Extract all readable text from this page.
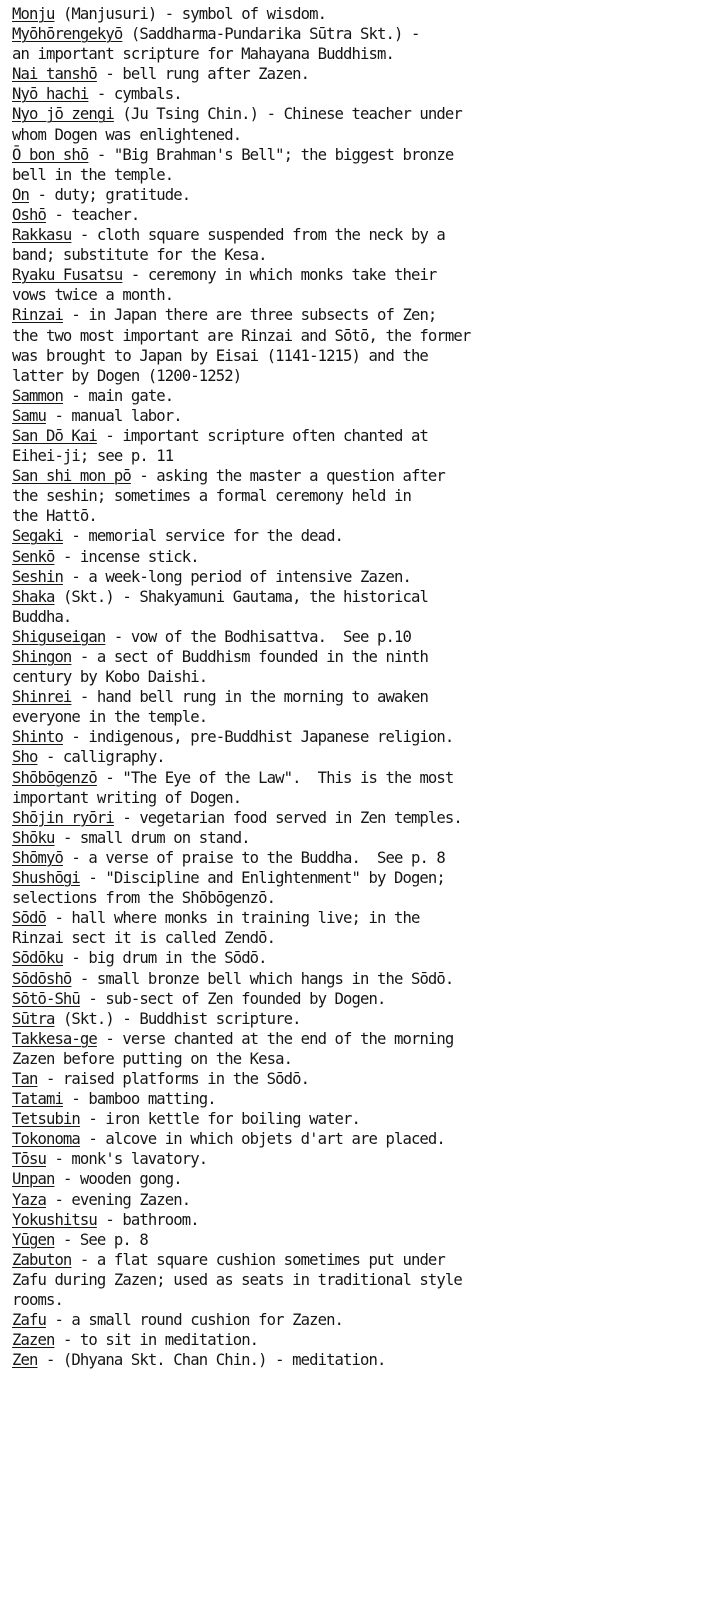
Monju (Manjusuri) - symbol of wisdom.
Myōhōrengekyō (Saddharma-Pundarika Sūtra Skt.) -
an important scripture for Mahayana Buddhism.
Nai tanshō - bell rung after Zazen.
Nyō hachi - cymbals.
Nyo jō zengi (Ju Tsing Chin.) - Chinese teacher under
whom Dogen was enlightened.
Ō bon shō - "Big Brahman's Bell"; the biggest bronze
bell in the temple.
On - duty; gratitude.
Oshō - teacher.
Rakkasu - cloth square suspended from the neck by a
band; substitute for the Kesa.
Ryaku Fusatsu - ceremony in which monks take their
vows twice a month.
Rinzai - in Japan there are three subsects of Zen;
the two most important are Rinzai and Sōtō, the former
was brought to Japan by Eisai (1141-1215) and the
latter by Dogen (1200-1252)
Sammon - main gate.
Samu - manual labor.
San Dō Kai - important scripture often chanted at
Eihei-ji; see p. 11
San shi mon pō - asking the master a question after
the seshin; sometimes a formal ceremony held in
the Hattō.
Segaki - memorial service for the dead.
Senkō - incense stick.
Seshin - a week-long period of intensive Zazen.
Shaka (Skt.) - Shakyamuni Gautama, the historical
Buddha.
Shiguseigan - vow of the Bodhisattva.  See p.10
Shingon - a sect of Buddhism founded in the ninth
century by Kobo Daishi.
Shinrei - hand bell rung in the morning to awaken
everyone in the temple.
Shinto - indigenous, pre-Buddhist Japanese religion.
Sho - calligraphy.
Shōbōgenzō - "The Eye of the Law".  This is the most
important writing of Dogen.
Shōjin ryōri - vegetarian food served in Zen temples.
Shōku - small drum on stand.
Shōmyō - a verse of praise to the Buddha.  See p. 8
Shushōgi - "Discipline and Enlightenment" by Dogen;
selections from the Shōbōgenzō.
Sōdō - hall where monks in training live; in the
Rinzai sect it is called Zendō.
Sōdōku - big drum in the Sōdō.
Sōdōshō - small bronze bell which hangs in the Sōdō.
Sōtō-Shū - sub-sect of Zen founded by Dogen.
Sūtra (Skt.) - Buddhist scripture.
Takkesa-ge - verse chanted at the end of the morning
Zazen before putting on the Kesa.
Tan - raised platforms in the Sōdō.
Tatami - bamboo matting.
Tetsubin - iron kettle for boiling water.
Tokonoma - alcove in which objets d'art are placed.
Tōsu - monk's lavatory.
Unpan - wooden gong.
Yaza - evening Zazen.
Yokushitsu - bathroom.
Yūgen - See p. 8
Zabuton - a flat square cushion sometimes put under
Zafu during Zazen; used as seats in traditional style
rooms.
Zafu - a small round cushion for Zazen.
Zazen - to sit in meditation.
Zen - (Dhyana Skt. Chan Chin.) - meditation.
